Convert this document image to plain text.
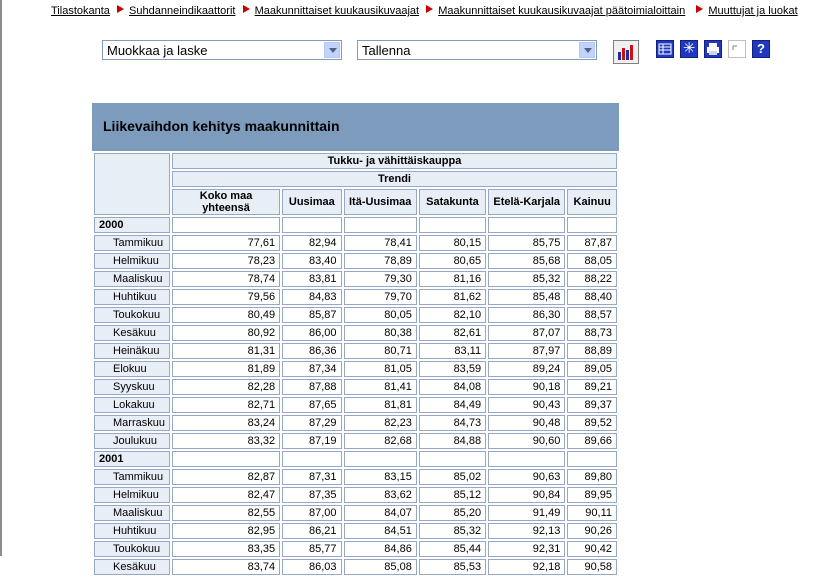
Tilastokanta Suhdanneindikaattorit Maakunnittaiset kuukausikuvaajat Maakunnittaiset kuukausikuvaajat päätoimialoittain Muuttujat ja luokat
Muokkaa ja laske	Tallenna	✳	?
Liikevaihdon kehitys maakunnittain
	Tukku- ja vähittäiskauppa					
	Trendi					
	Koko maa yhteensä	Uusimaa	Itä-Uusimaa	Satakunta	Etelä-Karjala	Kainuu
2000						
Tammikuu	77,61	82,94	78,41	80,15	85,75	87,87
Helmikuu	78,23	83,40	78,89	80,65	85,68	88,05
Maaliskuu	78,74	83,81	79,30	81,16	85,32	88,22
Huhtikuu	79,56	84,83	79,70	81,62	85,48	88,40
Toukokuu	80,49	85,87	80,05	82,10	86,30	88,57
Kesäkuu	80,92	86,00	80,38	82,61	87,07	88,73
Heinäkuu	81,31	86,36	80,71	83,11	87,97	88,89
Elokuu	81,89	87,34	81,05	83,59	89,24	89,05
Syyskuu	82,28	87,88	81,41	84,08	90,18	89,21
Lokakuu	82,71	87,65	81,81	84,49	90,43	89,37
Marraskuu	83,24	87,29	82,23	84,73	90,48	89,52
Joulukuu	83,32	87,19	82,68	84,88	90,60	89,66
2001						
Tammikuu	82,87	87,31	83,15	85,02	90,63	89,80
Helmikuu	82,47	87,35	83,62	85,12	90,84	89,95
Maaliskuu	82,55	87,00	84,07	85,20	91,49	90,11
Huhtikuu	82,95	86,21	84,51	85,32	92,13	90,26
Toukokuu	83,35	85,77	84,86	85,44	92,31	90,42
Kesäkuu	83,74	86,03	85,08	85,53	92,18	90,58
